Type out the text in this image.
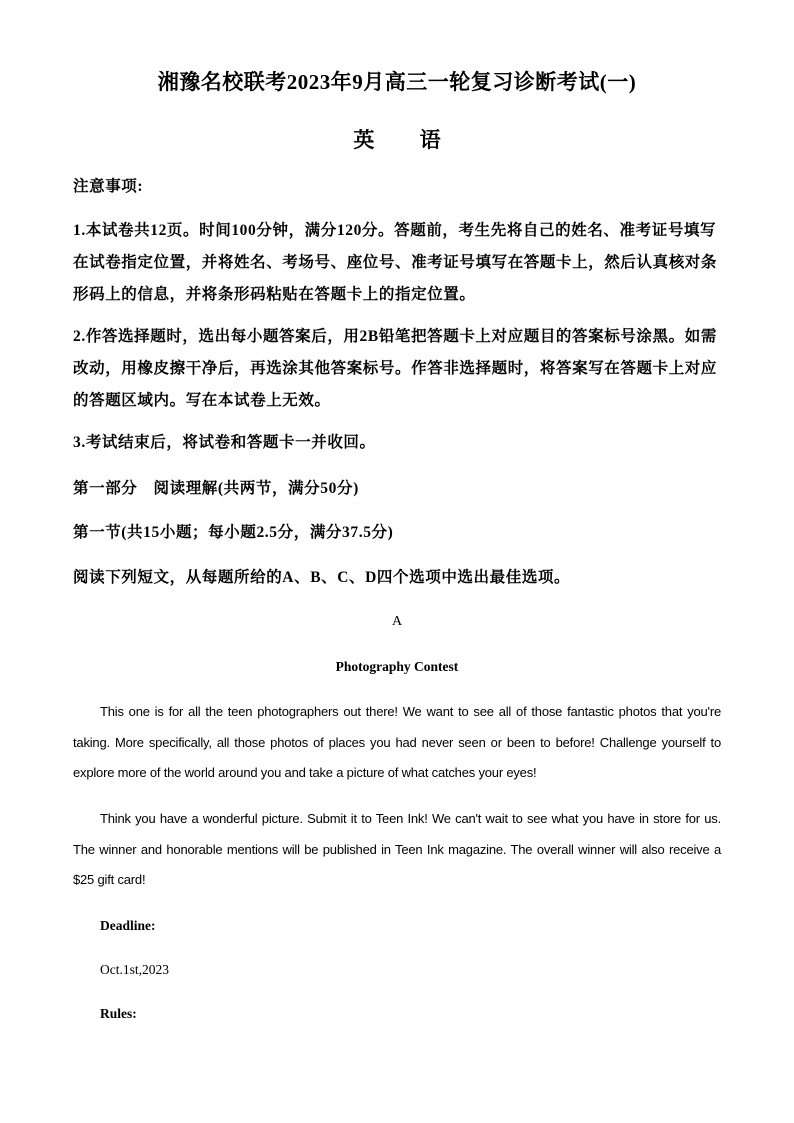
湘豫名校联考2023年9月高三一轮复习诊断考试(一)
英 语
注意事项:
1.本试卷共12页。时间100分钟，满分120分。答题前，考生先将自己的姓名、准考证号填写在试卷指定位置，并将姓名、考场号、座位号、准考证号填写在答题卡上，然后认真核对条形码上的信息，并将条形码粘贴在答题卡上的指定位置。
2.作答选择题时，选出每小题答案后，用2B铅笔把答题卡上对应题目的答案标号涂黑。如需改动，用橡皮擦干净后，再选涂其他答案标号。作答非选择题时，将答案写在答题卡上对应的答题区域内。写在本试卷上无效。
3.考试结束后，将试卷和答题卡一并收回。
第一部分　阅读理解(共两节，满分50分)
第一节(共15小题；每小题2.5分，满分37.5分)
阅读下列短文，从每题所给的A、B、C、D四个选项中选出最佳选项。
A
Photography Contest
This one is for all the teen photographers out there! We want to see all of those fantastic photos that you're taking. More specifically, all those photos of places you had never seen or been to before! Challenge yourself to explore more of the world around you and take a picture of what catches your eyes!
Think you have a wonderful picture. Submit it to Teen Ink! We can't wait to see what you have in store for us. The winner and honorable mentions will be published in Teen Ink magazine. The overall winner will also receive a $25 gift card!
Deadline:
Oct.1st,2023
Rules:
